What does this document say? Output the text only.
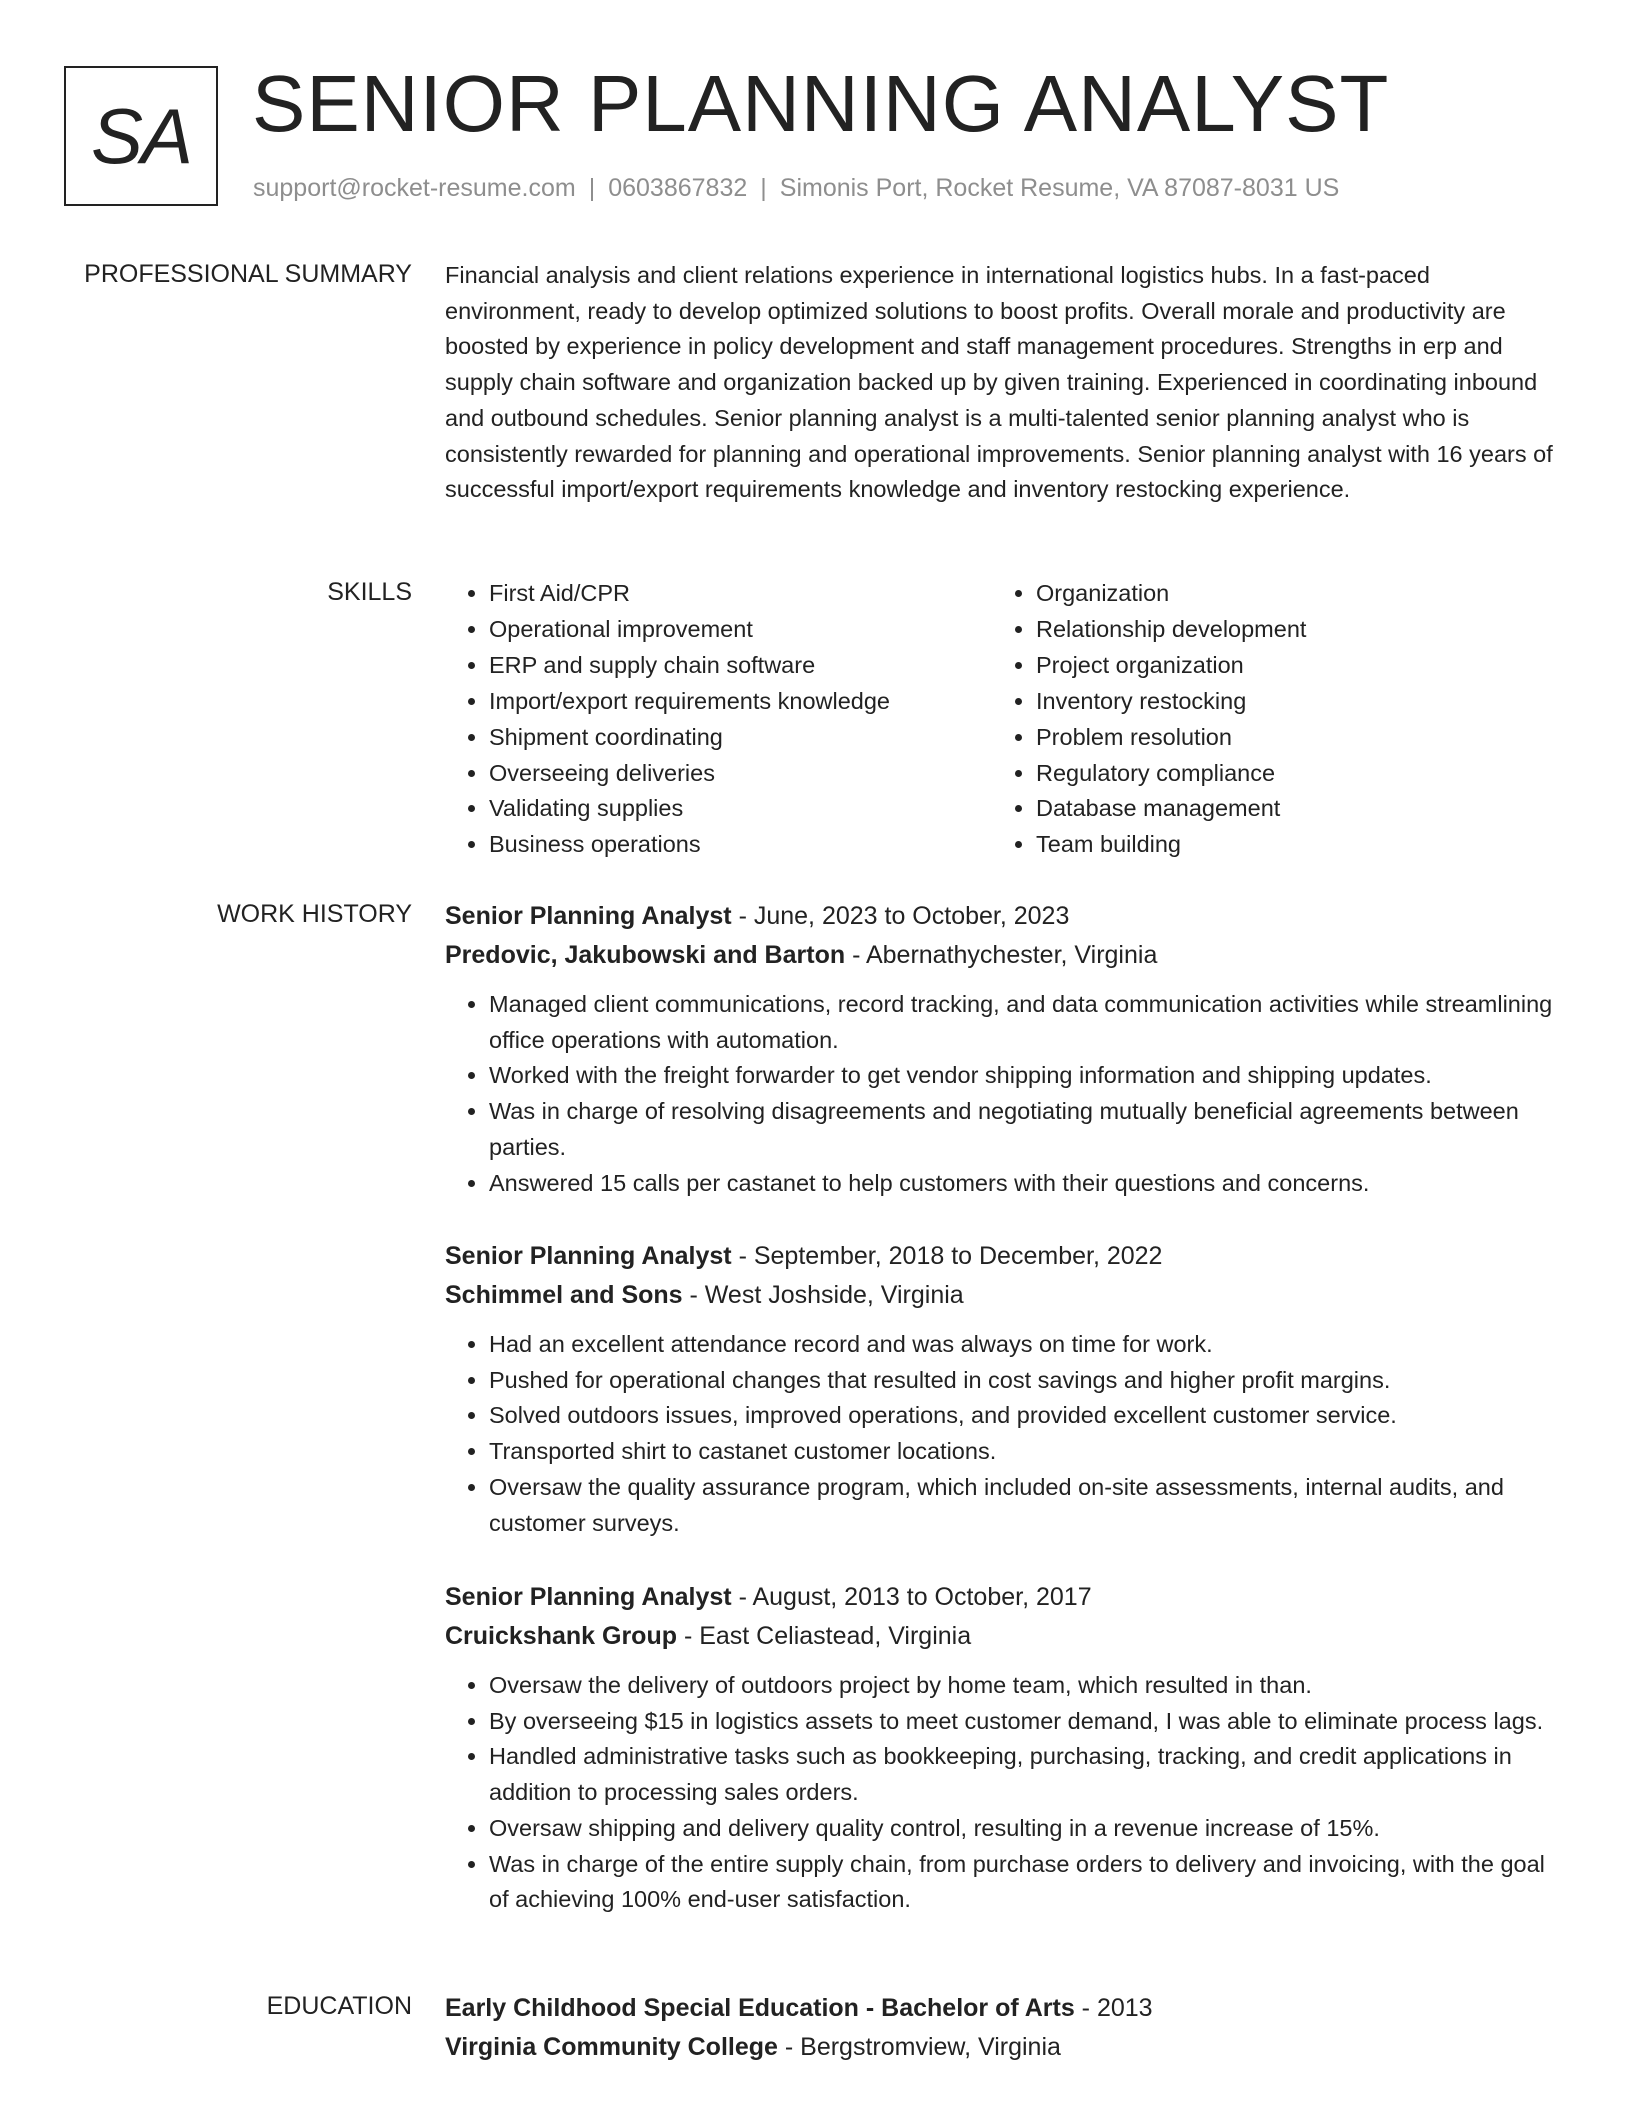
SA SENIOR PLANNING ANALYST
support@rocket-resume.com | 0603867832 | Simonis Port, Rocket Resume, VA 87087-8031 US
PROFESSIONAL SUMMARY Financial analysis and client relations experience in international logistics hubs. In a fast-paced environment, ready to develop optimized solutions to boost profits. Overall morale and productivity are boosted by experience in policy development and staff management procedures. Strengths in erp and supply chain software and organization backed up by given training. Experienced in coordinating inbound and outbound schedules. Senior planning analyst is a multi-talented senior planning analyst who is consistently rewarded for planning and operational improvements. Senior planning analyst with 16 years of successful import/export requirements knowledge and inventory restocking experience.

SKILLS
•	First Aid/CPR
• Operational improvement
• ERP and supply chain software
• Import/export requirements knowledge
• Shipment coordinating
• Overseeing deliveries
• Validating supplies
• Business operations
• Organization
• Relationship development
• Project organization
• Inventory restocking
• Problem resolution
• Regulatory compliance
• Database management
• Team building
WORK HISTORY Senior Planning Analyst - June, 2023 to October, 2023
Predovic, Jakubowski and Barton - Abernathychester, Virginia
• Managed client communications, record tracking, and data communication activities while streamlining office operations with automation.
• Worked with the freight forwarder to get vendor shipping information and shipping updates.
• Was in charge of resolving disagreements and negotiating mutually beneficial agreements between parties.
• Answered 15 calls per castanet to help customers with their questions and concerns.
Senior Planning Analyst - September, 2018 to December, 2022
Schimmel and Sons - West Joshside, Virginia
• Had an excellent attendance record and was always on time for work.
• Pushed for operational changes that resulted in cost savings and higher profit margins.
• Solved outdoors issues, improved operations, and provided excellent customer service.
• Transported shirt to castanet customer locations.
• Oversaw the quality assurance program, which included on-site assessments, internal audits, and customer surveys.
Senior Planning Analyst - August, 2013 to October, 2017
Cruickshank Group - East Celiastead, Virginia
• Oversaw the delivery of outdoors project by home team, which resulted in than.
• By overseeing $15 in logistics assets to meet customer demand, I was able to eliminate process lags.
• Handled administrative tasks such as bookkeeping, purchasing, tracking, and credit applications in addition to processing sales orders.
• Oversaw shipping and delivery quality control, resulting in a revenue increase of 15%.
• Was in charge of the entire supply chain, from purchase orders to delivery and invoicing, with the goal of achieving 100% end-user satisfaction.
EDUCATION Early Childhood Special Education - Bachelor of Arts - 2013
Virginia Community College - Bergstromview, Virginia
